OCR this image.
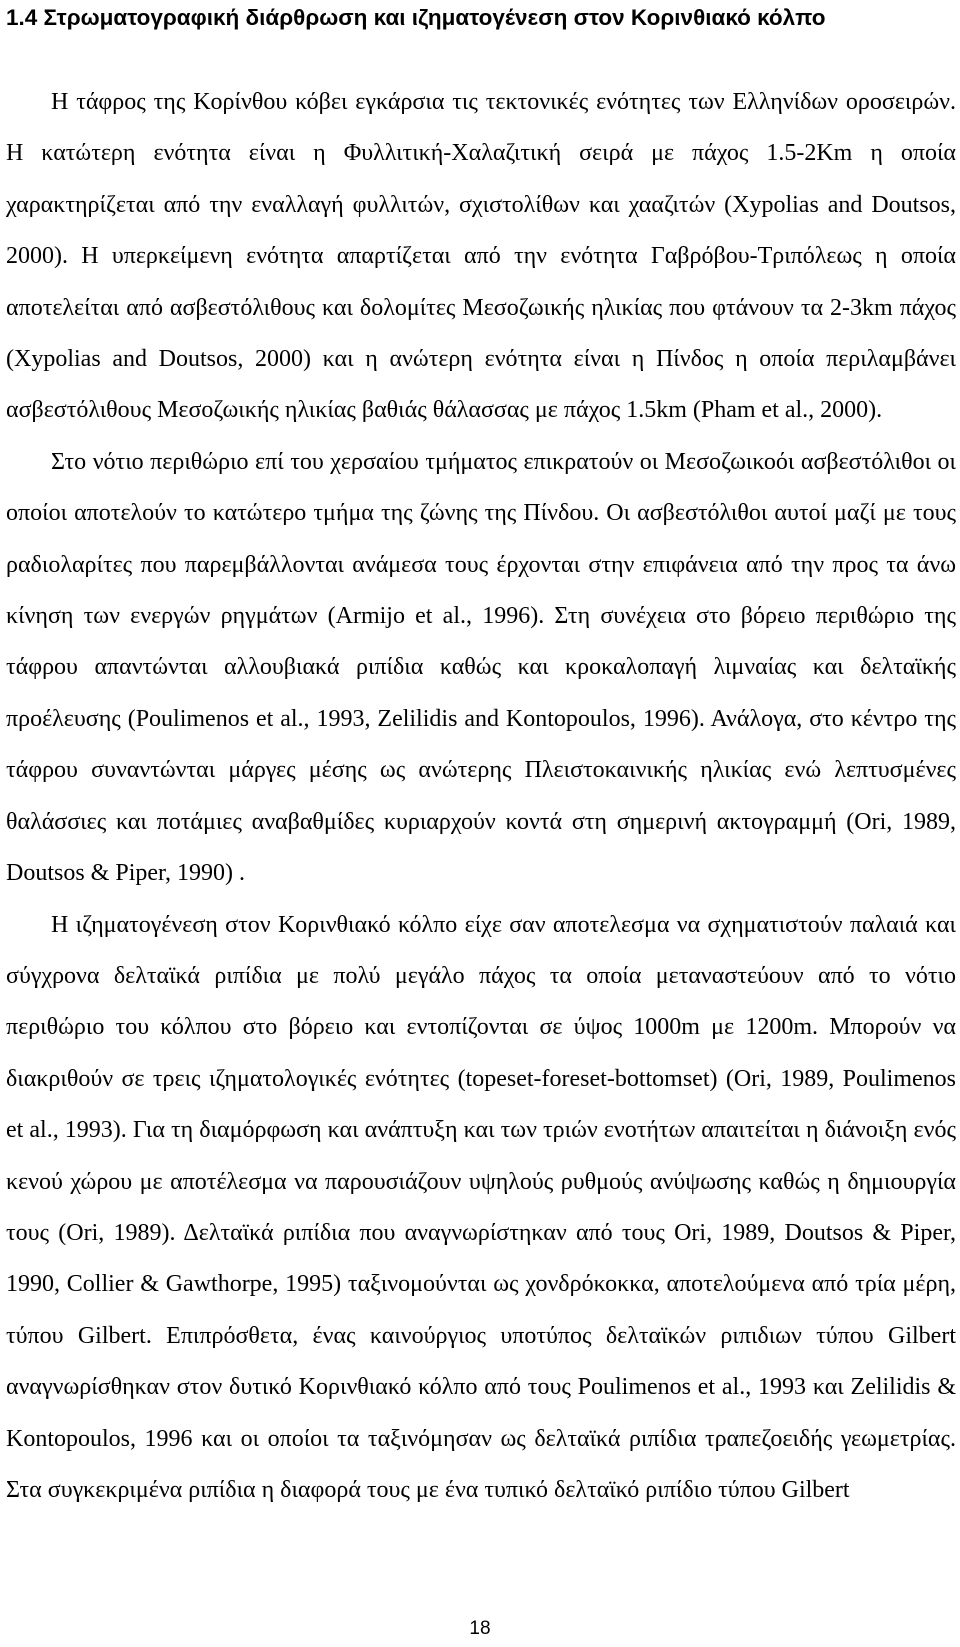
1.4 Στρωματογραφική διάρθρωση και ιζηματογένεση στον Κορινθιακό κόλπο

Η τάφρος της Κορίνθου κόβει εγκάρσια τις τεκτονικές ενότητες των Ελληνίδων οροσειρών. Η κατώτερη ενότητα είναι η Φυλλιτική-Χαλαζιτική σειρά με πάχος 1.5-2Km η οποία χαρακτηρίζεται από την εναλλαγή φυλλιτών, σχιστολίθων και χααζιτών (Xypolias and Doutsos, 2000). Η υπερκείμενη ενότητα απαρτίζεται από την ενότητα Γαβρόβου-Τριπόλεως η οποία αποτελείται από ασβεστόλιθους και δολομίτες Μεσοζωικής ηλικίας που φτάνουν τα 2-3km πάχος (Xypolias and Doutsos, 2000) και η ανώτερη ενότητα είναι η Πίνδος η οποία περιλαμβάνει ασβεστόλιθους Μεσοζωικής ηλικίας βαθιάς θάλασσας με πάχος 1.5km (Pham et al., 2000).

Στο νότιο περιθώριο επί του χερσαίου τμήματος επικρατούν οι Μεσοζωικοόι ασβεστόλιθοι οι οποίοι αποτελούν το κατώτερο τμήμα της ζώνης της Πίνδου. Οι ασβεστόλιθοι αυτοί μαζί με τους ραδιολαρίτες που παρεμβάλλονται ανάμεσα τους έρχονται στην επιφάνεια από την προς τα άνω κίνηση των ενεργών ρηγμάτων (Armijo et al., 1996). Στη συνέχεια στο βόρειο περιθώριο της τάφρου απαντώνται αλλουβιακά ριπίδια καθώς και κροκαλοπαγή λιμναίας και δελταϊκής προέλευσης (Poulimenos et al., 1993, Zelilidis and Kontopoulos, 1996). Ανάλογα, στο κέντρο της τάφρου συναντώνται μάργες μέσης ως ανώτερης Πλειστοκαινικής ηλικίας ενώ λεπτυσμένες θαλάσσιες και ποτάμιες αναβαθμίδες κυριαρχούν κοντά στη σημερινή ακτογραμμή (Ori, 1989, Doutsos & Piper, 1990) .

Η ιζηματογένεση στον Κορινθιακό κόλπο είχε σαν αποτελεσμα να σχηματιστούν παλαιά και σύγχρονα δελταϊκά ριπίδια με πολύ μεγάλο πάχος τα οποία μεταναστεύουν από το νότιο περιθώριο του κόλπου στο βόρειο και εντοπίζονται σε ύψος 1000m με 1200m. Μπορούν να διακριθούν σε τρεις ιζηματολογικές ενότητες (topeset-foreset-bottomset) (Ori, 1989, Poulimenos et al., 1993). Για τη διαμόρφωση και ανάπτυξη και των τριών ενοτήτων απαιτείται η διάνοιξη ενός κενού χώρου με αποτέλεσμα να παρουσιάζουν υψηλούς ρυθμούς ανύψωσης καθώς η δημιουργία τους (Ori, 1989). Δελταϊκά ριπίδια που αναγνωρίστηκαν από τους Ori, 1989, Doutsos & Piper, 1990, Collier & Gawthorpe, 1995) ταξινομούνται ως χονδρόκοκκα, αποτελούμενα από τρία μέρη, τύπου Gilbert. Επιπρόσθετα, ένας καινούργιος υποτύπος δελταϊκών ριπιδιων τύπου Gilbert αναγνωρίσθηκαν στον δυτικό Κορινθιακό κόλπο από τους Poulimenos et al., 1993 και Zelilidis & Kontopoulos, 1996 και οι οποίοι τα ταξινόμησαν ως δελταϊκά ριπίδια τραπεζοειδής γεωμετρίας. Στα συγκεκριμένα ριπίδια η διαφορά τους με ένα τυπικό δελταϊκό ριπίδιο τύπου Gilbert

18
